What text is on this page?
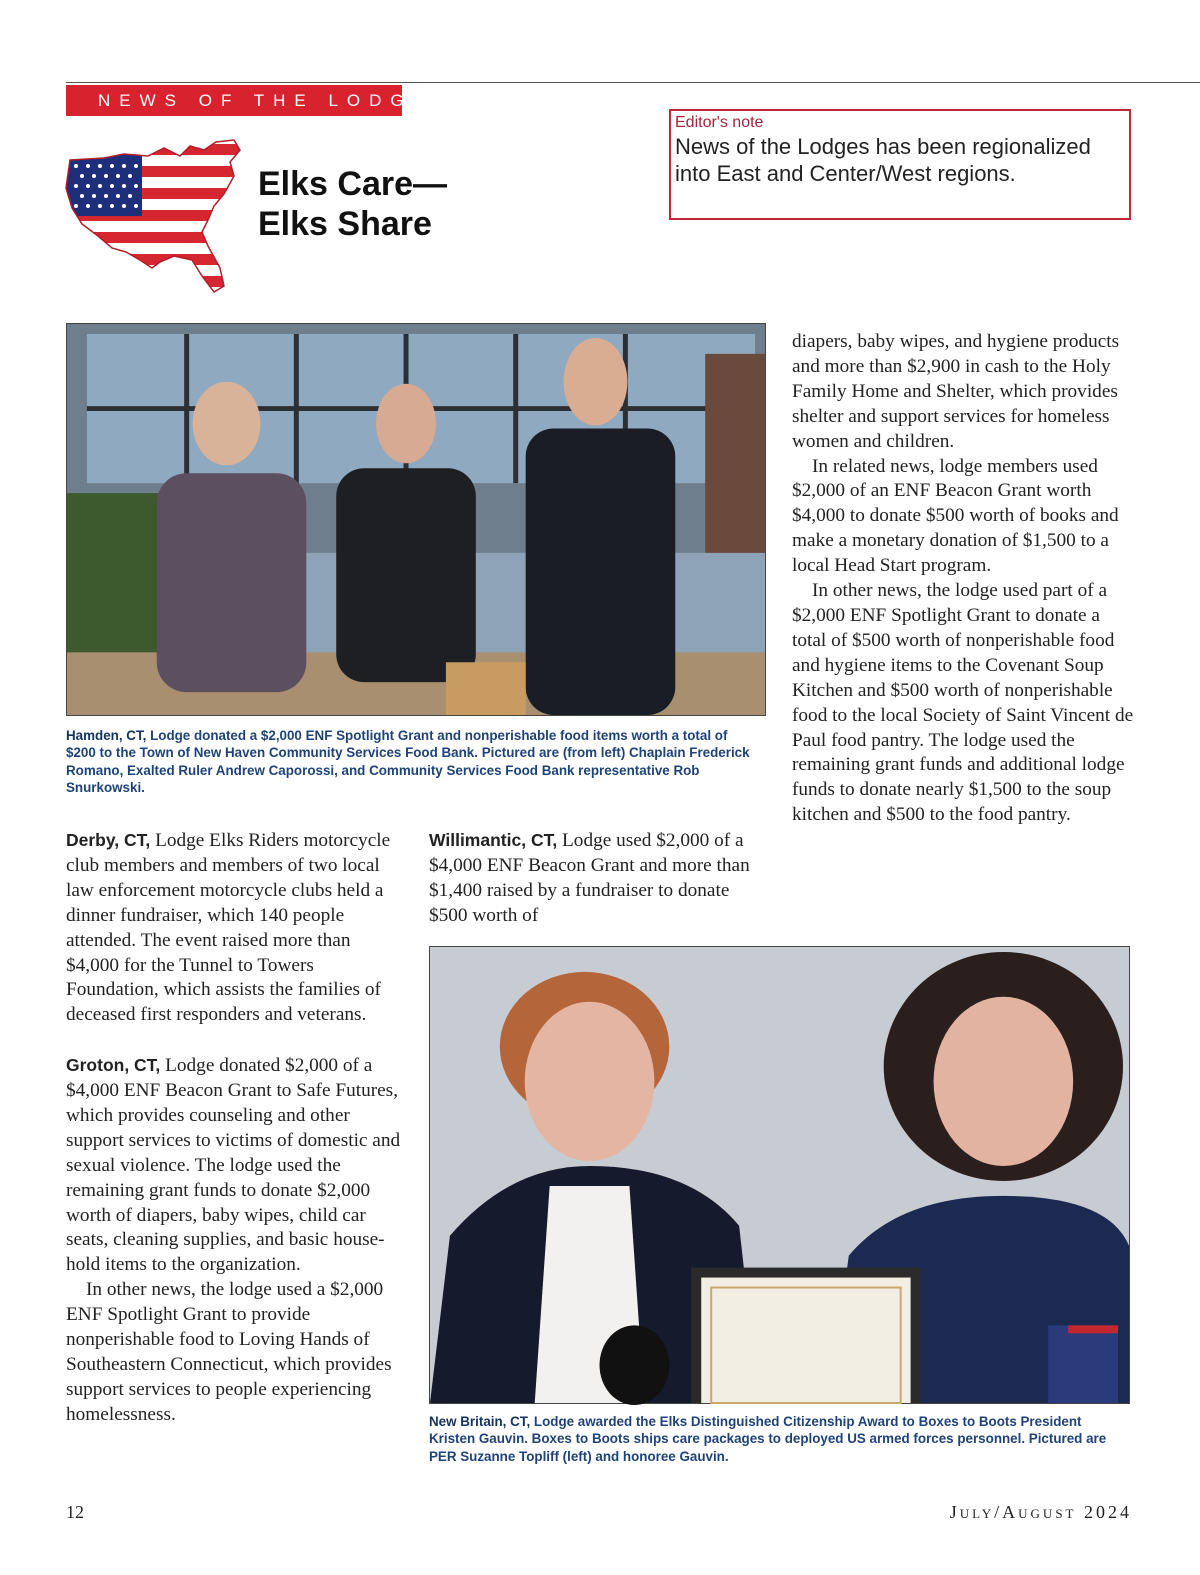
NEWS OF THE LODGES
Elks Care—
Elks Share
Editor's note
News of the Lodges has been regionalized into East and Center/West regions.

Hamden, CT, Lodge donated a $2,000 ENF Spotlight Grant and nonperishable food items worth a total of $200 to the Town of New Haven Community Services Food Bank. Pictured are (from left) Chaplain Frederick Romano, Exalted Ruler Andrew Caporossi, and Community Services Food Bank representative Rob Snurkowski.

Derby, CT, Lodge Elks Riders motorcycle club members and members of two local law enforcement motorcycle clubs held a dinner fundraiser, which 140 people attended. The event raised more than $4,000 for the Tunnel to Towers Foundation, which assists the families of deceased first responders and veterans.

Groton, CT, Lodge donated $2,000 of a $4,000 ENF Beacon Grant to Safe Futures, which provides counseling and other support services to victims of domestic and sexual violence. The lodge used the remaining grant funds to donate $2,000 worth of diapers, baby wipes, child car seats, cleaning supplies, and basic household items to the organization.

In other news, the lodge used a $2,000 ENF Spotlight Grant to provide nonperishable food to Loving Hands of Southeastern Connecticut, which provides support services to people experiencing homelessness.

Willimantic, CT, Lodge used $2,000 of a $4,000 ENF Beacon Grant and more than $1,400 raised by a fundraiser to donate $500 worth of

diapers, baby wipes, and hygiene products and more than $2,900 in cash to the Holy Family Home and Shelter, which provides shelter and support services for homeless women and children.

In related news, lodge members used $2,000 of an ENF Beacon Grant worth $4,000 to donate $500 worth of books and make a monetary donation of $1,500 to a local Head Start program.

In other news, the lodge used part of a $2,000 ENF Spotlight Grant to donate a total of $500 worth of nonperishable food and hygiene items to the Covenant Soup Kitchen and $500 worth of nonperishable food to the local Society of Saint Vincent de Paul food pantry. The lodge used the remaining grant funds and additional lodge funds to donate nearly $1,500 to the soup kitchen and $500 to the food pantry.

New Britain, CT, Lodge awarded the Elks Distinguished Citizenship Award to Boxes to Boots President Kristen Gauvin. Boxes to Boots ships care packages to deployed US armed forces personnel. Pictured are PER Suzanne Topliff (left) and honoree Gauvin.

12	July/August 2024
